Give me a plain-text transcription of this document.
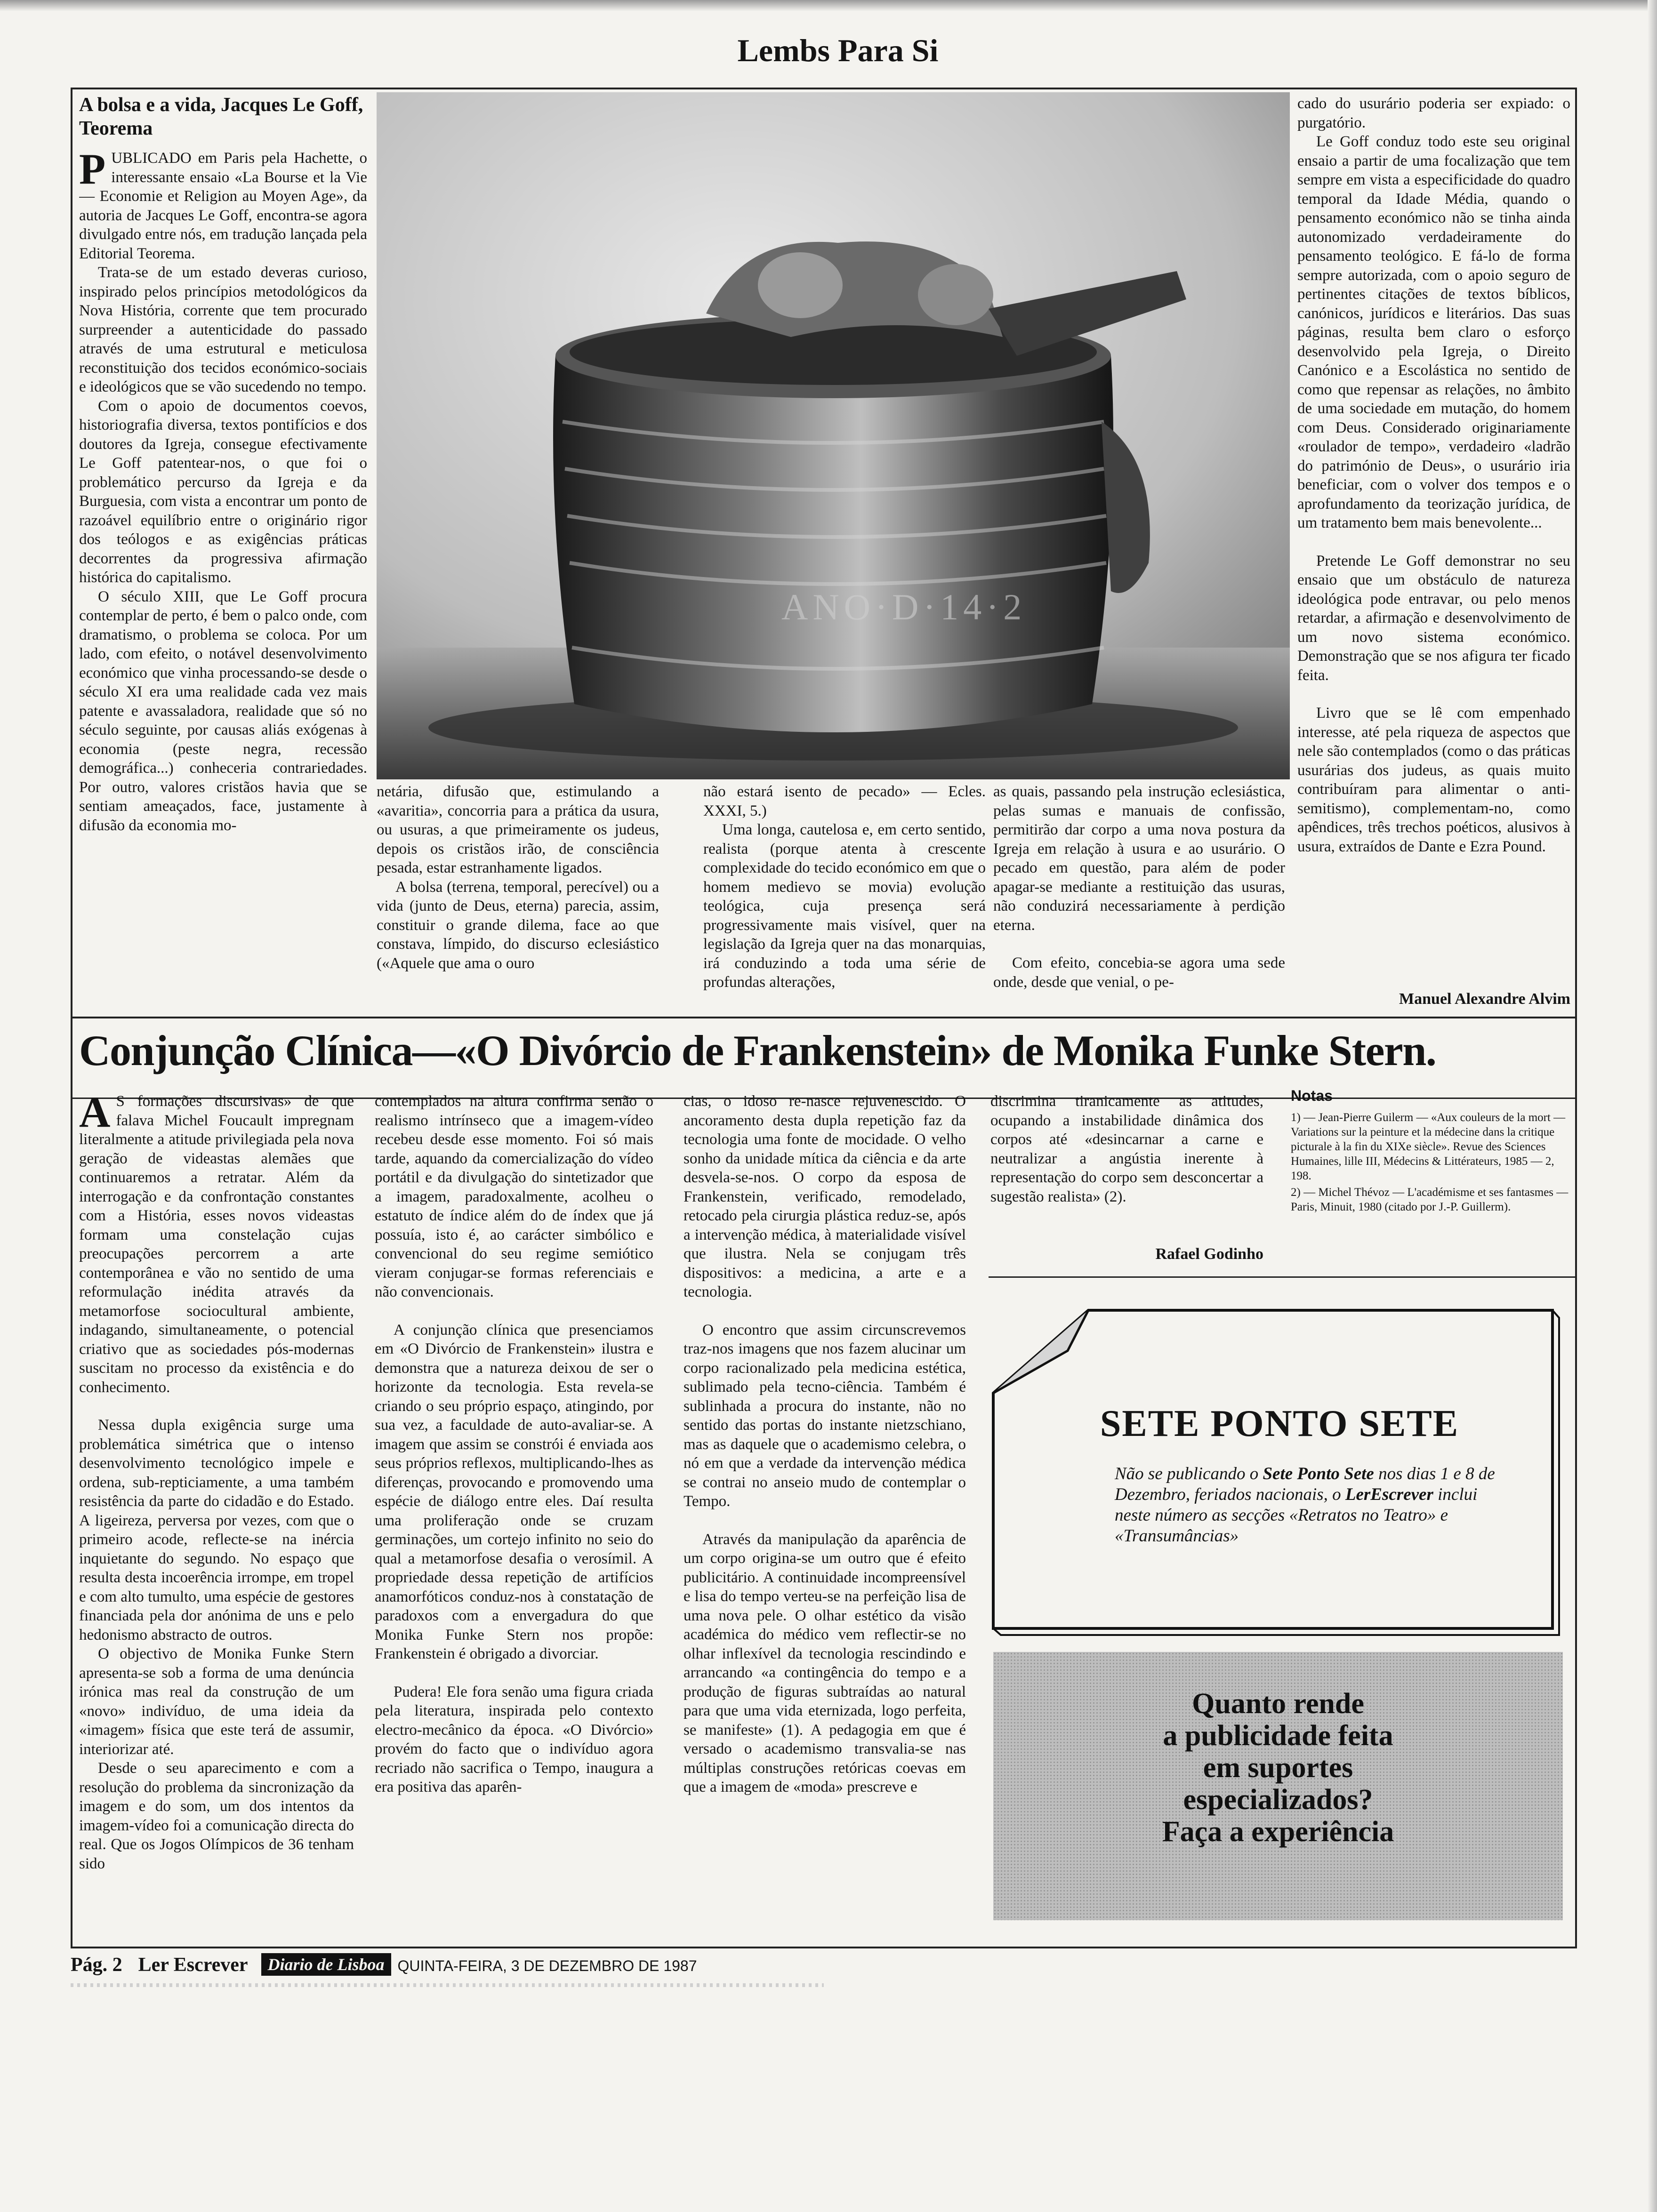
Lembs Para Si
A bolsa e a vida, Jacques Le Goff, Teorema
P UBLICADO em Paris pela Hachette, o interessante ensaio «La Bourse et la Vie — Economie et Religion au Moyen Age», da autoria de Jacques Le Goff, encontra-se agora divulgado entre nós, em tradução lançada pela Editorial Teorema.

Trata-se de um estado deveras curioso, inspirado pelos princípios metodológicos da Nova História, corrente que tem procurado surpreender a autenticidade do passado através de uma estrutural e meticulosa reconstituição dos tecidos económico-sociais e ideológicos que se vão sucedendo no tempo.

Com o apoio de documentos coevos, historiografia diversa, textos pontifícios e dos doutores da Igreja, consegue efectivamente Le Goff patentear-nos, o que foi o problemático percurso da Igreja e da Burguesia, com vista a encontrar um ponto de razoável equilíbrio entre o originário rigor dos teólogos e as exigências práticas decorrentes da progressiva afirmação histórica do capitalismo.

O século XIII, que Le Goff procura contemplar de perto, é bem o palco onde, com dramatismo, o problema se coloca. Por um lado, com efeito, o notável desenvolvimento económico que vinha processando-se desde o século XI era uma realidade cada vez mais patente e avassaladora, realidade que só no século seguinte, por causas aliás exógenas à economia (peste negra, recessão demográfica...) conheceria contrariedades. Por outro, valores cristãos havia que se sentiam ameaçados, face, justamente à difusão da economia mo-

ANO·D·14·2

netária, difusão que, estimulando a «avaritia», concorria para a prática da usura, ou usuras, a que primeiramente os judeus, depois os cristãos irão, de consciência pesada, estar estranhamente ligados.

A bolsa (terrena, temporal, perecível) ou a vida (junto de Deus, eterna) parecia, assim, constituir o grande dilema, face ao que constava, límpido, do discurso eclesiástico («Aquele que ama o ouro

não estará isento de pecado» — Ecles. XXXI, 5.)

Uma longa, cautelosa e, em certo sentido, realista (porque atenta à crescente complexidade do tecido económico em que o homem medievo se movia) evolução teológica, cuja presença será progressivamente mais visível, quer na legislação da Igreja quer na das monarquias, irá conduzindo a toda uma série de profundas alterações,

as quais, passando pela instrução eclesiástica, pelas sumas e manuais de confissão, permitirão dar corpo a uma nova postura da Igreja em relação à usura e ao usurário. O pecado em questão, para além de poder apagar-se mediante a restituição das usuras, não conduzirá necessariamente à perdição eterna.

Com efeito, concebia-se agora uma sede onde, desde que venial, o pe-

cado do usurário poderia ser expiado: o purgatório.

Le Goff conduz todo este seu original ensaio a partir de uma focalização que tem sempre em vista a especificidade do quadro temporal da Idade Média, quando o pensamento económico não se tinha ainda autonomizado verdadeiramente do pensamento teológico. E fá-lo de forma sempre autorizada, com o apoio seguro de pertinentes citações de textos bíblicos, canónicos, jurídicos e literários. Das suas páginas, resulta bem claro o esforço desenvolvido pela Igreja, o Direito Canónico e a Escolástica no sentido de como que repensar as relações, no âmbito de uma sociedade em mutação, do homem com Deus. Considerado originariamente «roulador de tempo», verdadeiro «ladrão do património de Deus», o usurário iria beneficiar, com o volver dos tempos e o aprofundamento da teorização jurídica, de um tratamento bem mais benevolente...

Pretende Le Goff demonstrar no seu ensaio que um obstáculo de natureza ideológica pode entravar, ou pelo menos retardar, a afirmação e desenvolvimento de um novo sistema económico. Demonstração que se nos afigura ter ficado feita.

Livro que se lê com empenhado interesse, até pela riqueza de aspectos que nele são contemplados (como o das práticas usurárias dos judeus, as quais muito contribuíram para alimentar o anti-semitismo), complementam-no, como apêndices, três trechos poéticos, alusivos à usura, extraídos de Dante e Ezra Pound.

Manuel Alexandre Alvim
Conjunção Clínica—«O Divórcio de Frankenstein» de Monika Funke Stern.
A S formações discursivas» de que falava Michel Foucault impregnam literalmente a atitude privilegiada pela nova geração de videastas alemães que continuaremos a retratar. Além da interrogação e da confrontação constantes com a História, esses novos videastas formam uma constelação cujas preocupações percorrem a arte contemporânea e vão no sentido de uma reformulação inédita através da metamorfose sociocultural ambiente, indagando, simultaneamente, o potencial criativo que as sociedades pós-modernas suscitam no processo da existência e do conhecimento.

Nessa dupla exigência surge uma problemática simétrica que o intenso desenvolvimento tecnológico impele e ordena, sub-repticiamente, a uma também resistência da parte do cidadão e do Estado. A ligeireza, perversa por vezes, com que o primeiro acode, reflecte-se na inércia inquietante do segundo. No espaço que resulta desta incoerência irrompe, em tropel e com alto tumulto, uma espécie de gestores financiada pela dor anónima de uns e pelo hedonismo abstracto de outros.

O objectivo de Monika Funke Stern apresenta-se sob a forma de uma denúncia irónica mas real da construção de um «novo» indivíduo, de uma ideia da «imagem» física que este terá de assumir, interiorizar até.

Desde o seu aparecimento e com a resolução do problema da sincronização da imagem e do som, um dos intentos da imagem-vídeo foi a comunicação directa do real. Que os Jogos Olímpicos de 36 tenham sido

contemplados na altura confirma senão o realismo intrínseco que a imagem-vídeo recebeu desde esse momento. Foi só mais tarde, aquando da comercialização do vídeo portátil e da divulgação do sintetizador que a imagem, paradoxalmente, acolheu o estatuto de índice além do de índex que já possuía, isto é, ao carácter simbólico e convencional do seu regime semiótico vieram conjugar-se formas referenciais e não convencionais.

A conjunção clínica que presenciamos em «O Divórcio de Frankenstein» ilustra e demonstra que a natureza deixou de ser o horizonte da tecnologia. Esta revela-se criando o seu próprio espaço, atingindo, por sua vez, a faculdade de auto-avaliar-se. A imagem que assim se constrói é enviada aos seus próprios reflexos, multiplicando-lhes as diferenças, provocando e promovendo uma espécie de diálogo entre eles. Daí resulta uma proliferação onde se cruzam germinações, um cortejo infinito no seio do qual a metamorfose desafia o verosímil. A propriedade dessa repetição de artifícios anamorfóticos conduz-nos à constatação de paradoxos com a envergadura do que Monika Funke Stern nos propõe: Frankenstein é obrigado a divorciar.

Pudera! Ele fora senão uma figura criada pela literatura, inspirada pelo contexto electro-mecânico da época. «O Divórcio» provém do facto que o indivíduo agora recriado não sacrifica o Tempo, inaugura a era positiva das aparên-

cias, o idoso re-nasce rejuvenescido. O ancoramento desta dupla repetição faz da tecnologia uma fonte de mocidade. O velho sonho da unidade mítica da ciência e da arte desvela-se-nos. O corpo da esposa de Frankenstein, verificado, remodelado, retocado pela cirurgia plástica reduz-se, após a intervenção médica, à materialidade visível que ilustra. Nela se conjugam três dispositivos: a medicina, a arte e a tecnologia.

O encontro que assim circunscrevemos traz-nos imagens que nos fazem alucinar um corpo racionalizado pela medicina estética, sublimado pela tecno-ciência. Também é sublinhada a procura do instante, não no sentido das portas do instante nietzschiano, mas as daquele que o academismo celebra, o nó em que a verdade da intervenção médica se contrai no anseio mudo de contemplar o Tempo.

Através da manipulação da aparência de um corpo origina-se um outro que é efeito publicitário. A continuidade incompreensível e lisa do tempo verteu-se na perfeição lisa de uma nova pele. O olhar estético da visão académica do médico vem reflectir-se no olhar inflexível da tecnologia rescindindo e arrancando «a contingência do tempo e a produção de figuras subtraídas ao natural para que uma vida eternizada, logo perfeita, se manifeste» (1). A pedagogia em que é versado o academismo transvalia-se nas múltiplas construções retóricas coevas em que a imagem de «moda» prescreve e

discrimina tiranicamente as atitudes, ocupando a instabilidade dinâmica dos corpos até «desincarnar a carne e neutralizar a angústia inerente à representação do corpo sem desconcertar a sugestão realista» (2).

Rafael Godinho
Notas

1) — Jean-Pierre Guilerm — «Aux couleurs de la mort — Variations sur la peinture et la médecine dans la critique picturale à la fin du XIXe siècle». Revue des Sciences Humaines, lille III, Médecins & Littérateurs, 1985 — 2, 198.

2) — Michel Thévoz — L'académisme et ses fantasmes — Paris, Minuit, 1980 (citado por J.-P. Guillerm).

SETE PONTO SETE
Não se publicando o Sete Ponto Sete nos dias 1 e 8 de Dezembro, feriados nacionais, o LerEscrever inclui neste número as secções «Retratos no Teatro» e «Transumâncias»
Quanto rende
a publicidade feita
em suportes
especializados?
Faça a experiência
Pág. 2 Ler Escrever Diario de Lisboa QUINTA-FEIRA, 3 DE DEZEMBRO DE 1987
